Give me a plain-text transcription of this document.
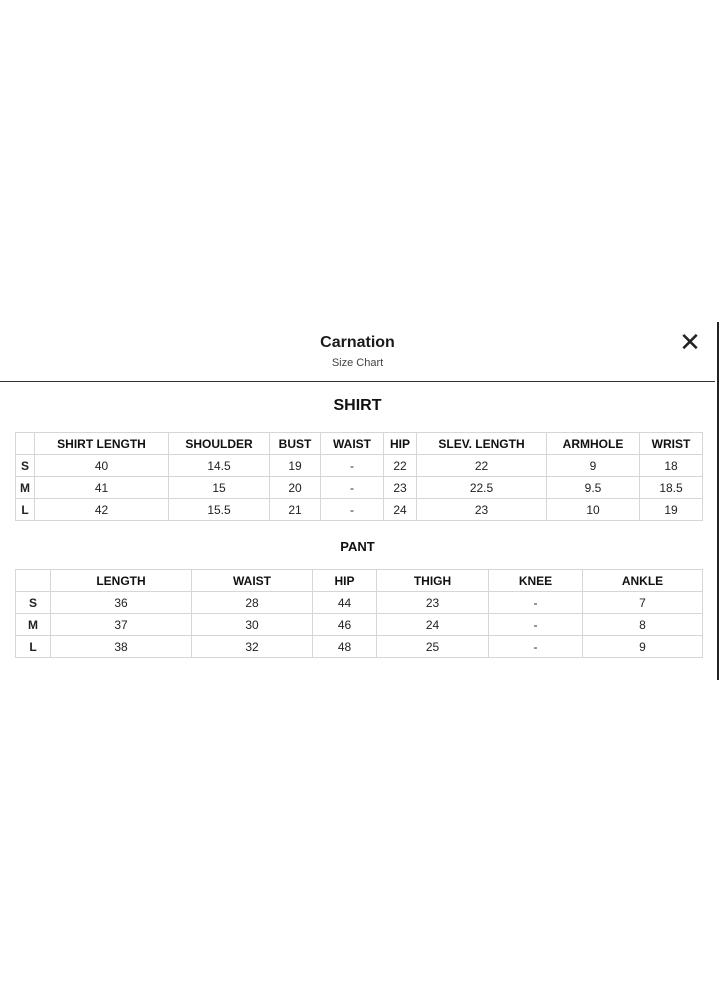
Carnation
Size Chart
✕
SHIRT
	SHIRT LENGTH	SHOULDER	BUST	WAIST	HIP	SLEV. LENGTH	ARMHOLE	WRIST
S	40	14.5	19	-	22	22	9	18
M	41	15	20	-	23	22.5	9.5	18.5
L	42	15.5	21	-	24	23	10	19
PANT
	LENGTH	WAIST	HIP	THIGH	KNEE	ANKLE
S	36	28	44	23	-	7
M	37	30	46	24	-	8
L	38	32	48	25	-	9
